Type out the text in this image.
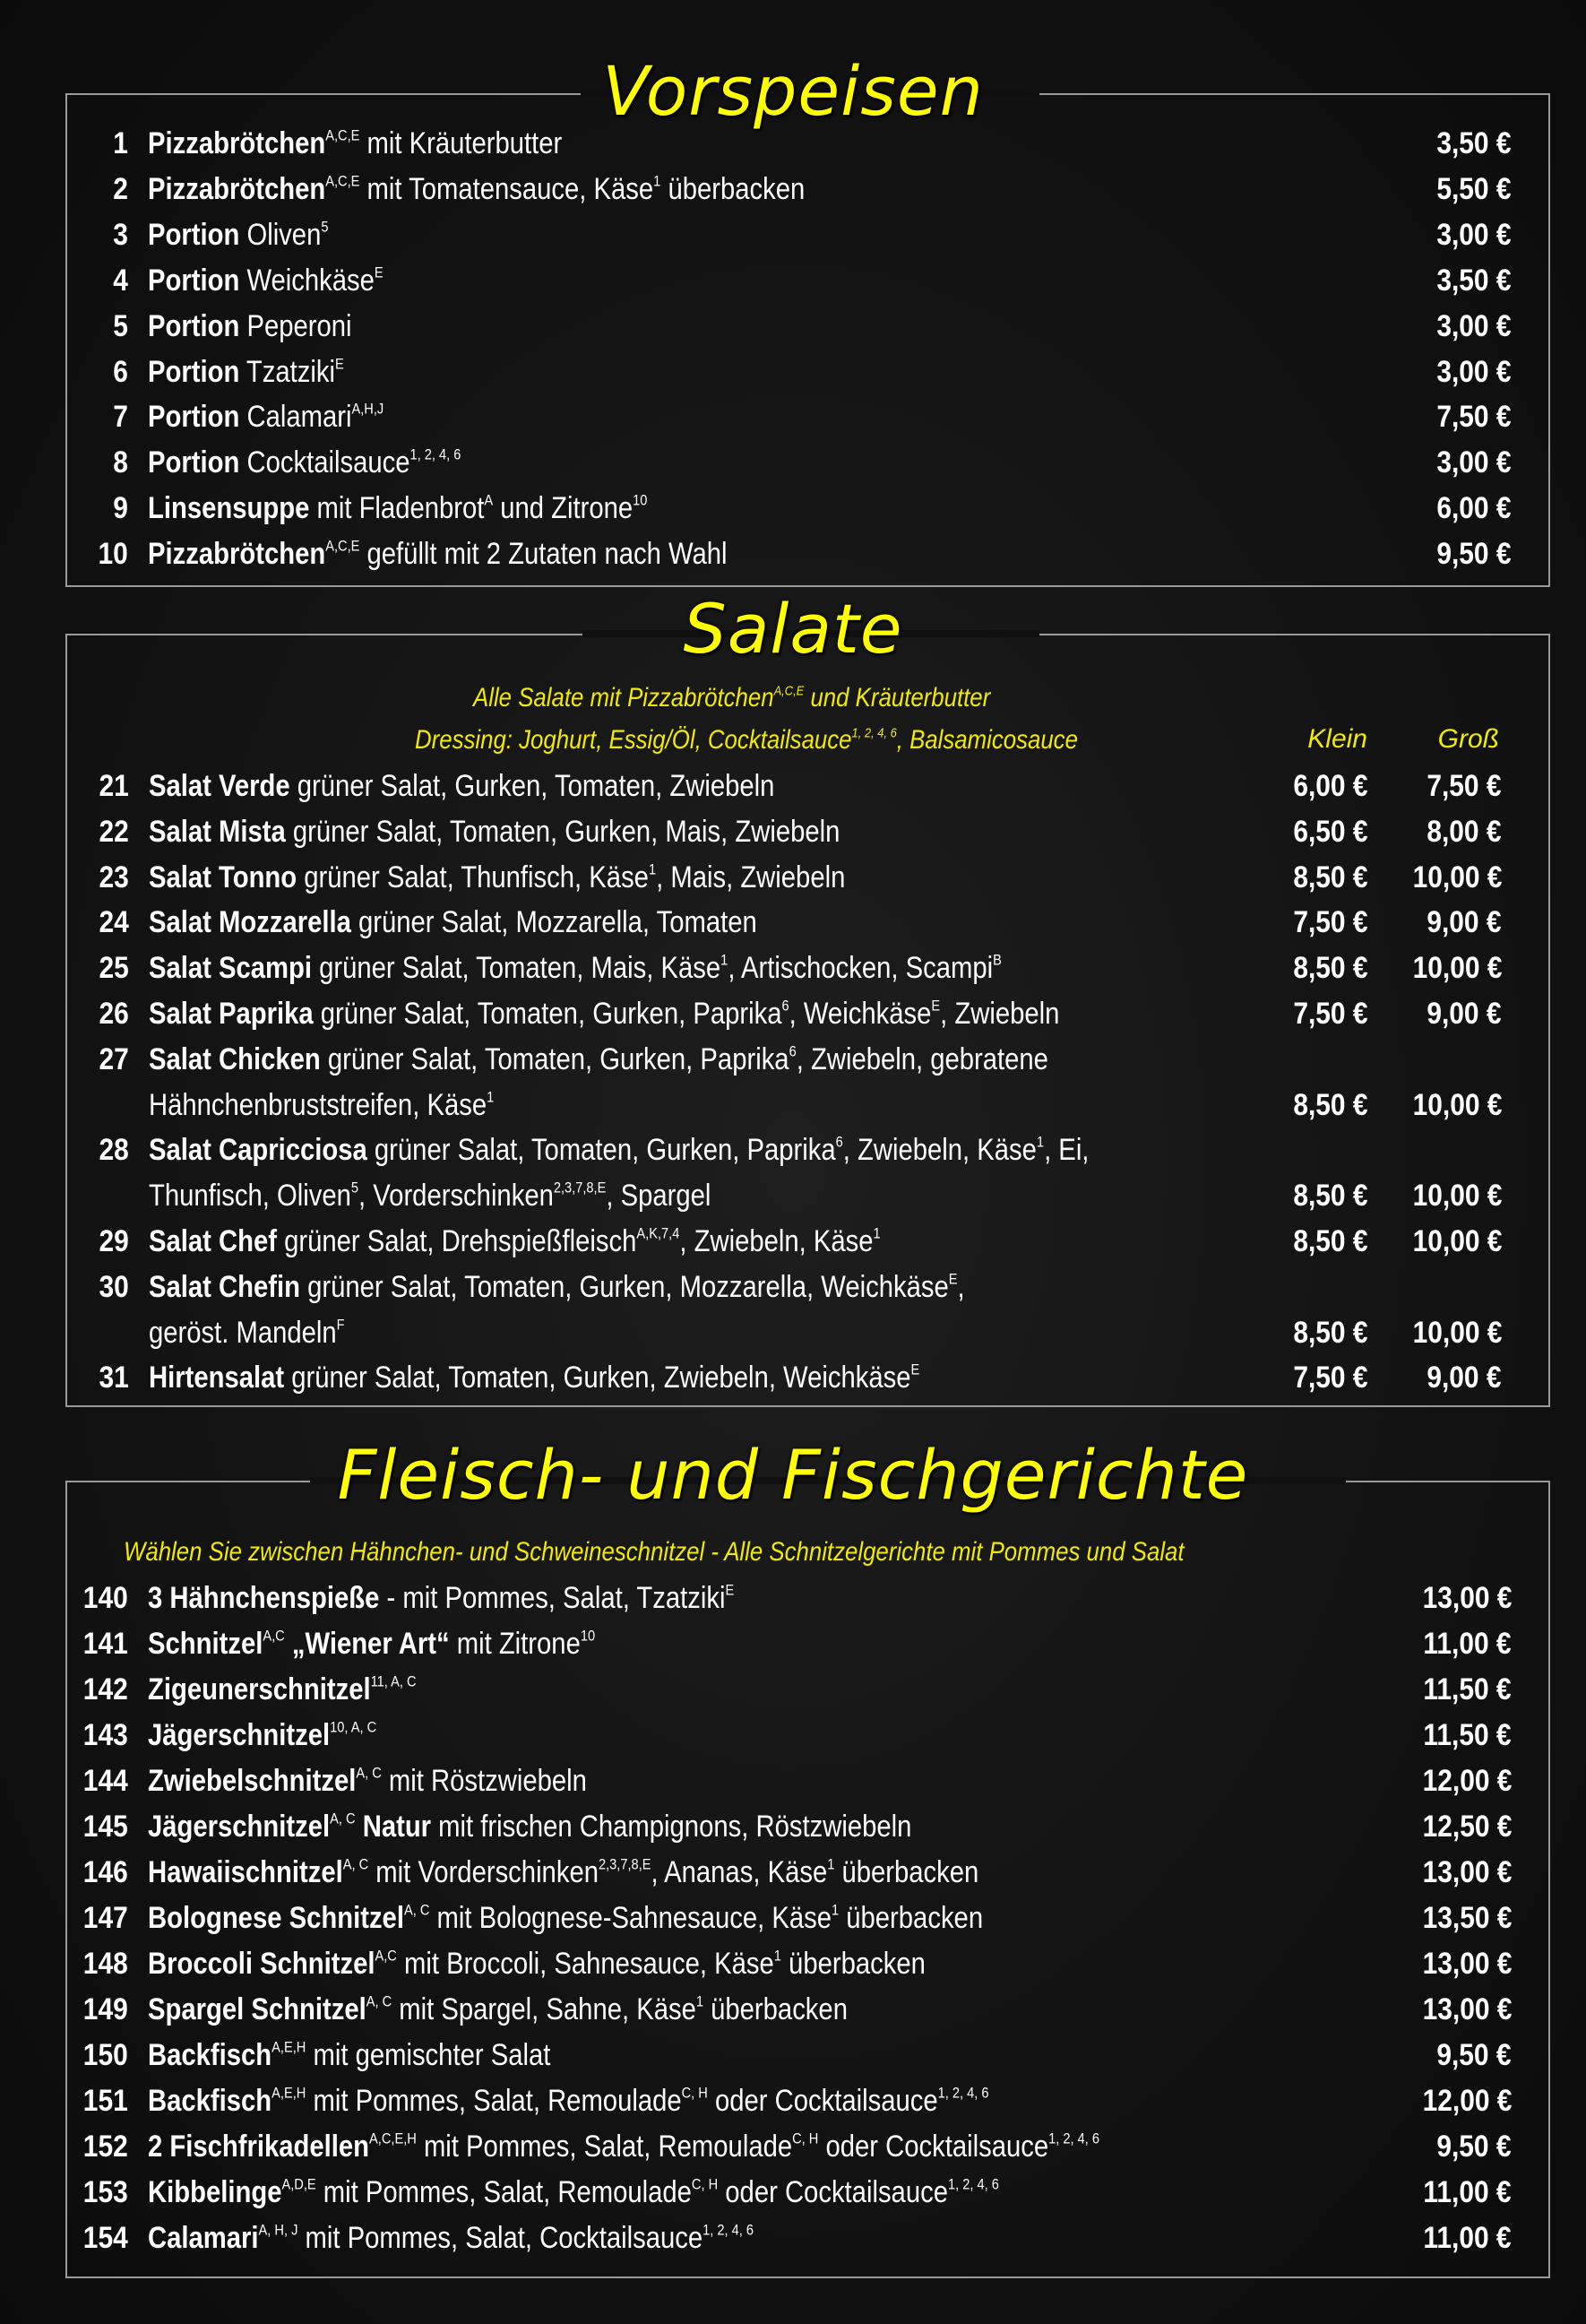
Vorspeisen
1 Pizzabrötchen$^{A,C,E}$ mit Kräuterbutter	3,50 €
2 Pizzabrötchen$^{A,C,E}$ mit Tomatensauce, Käse$^1$ überbacken	5,50 €
3 Portion Oliven$^5$	3,00 €
4 Portion Weichkäse$^E$	3,50 €
5 Portion Peperoni	3,00 €
6 Portion Tzatziki$^E$	3,00 €
7 Portion Calamari$^{A,H,J}$	7,50 €
8 Portion Cocktailsauce$^{1, 2, 4, 6}$	3,00 €
9 Linsensuppe mit Fladenbrot$^A$ und Zitrone$^{10}$	6,00 €
10 Pizzabrötchen$^{A,C,E}$ gefüllt mit 2 Zutaten nach Wahl	9,50 €
Salate
Alle Salate mit Pizzabrötchen$^{A,C,E}$ und Kräuterbutter
Dressing: Joghurt, Essig/Öl, Cocktailsauce$^{1, 2, 4, 6}$, Balsamicosauce	Klein	Groß
21 Salat Verde grüner Salat, Gurken, Tomaten, Zwiebeln	6,00 € 7,50 €
22 Salat Mista grüner Salat, Tomaten, Gurken, Mais, Zwiebeln	6,50 € 8,00 €
23 Salat Tonno grüner Salat, Thunfisch, Käse$^1$, Mais, Zwiebeln	8,50 € 10,00 €
24 Salat Mozzarella grüner Salat, Mozzarella, Tomaten	7,50 € 9,00 €
25 Salat Scampi grüner Salat, Tomaten, Mais, Käse$^1$, Artischocken, Scampi$^B$	8,50 € 10,00 €
26 Salat Paprika grüner Salat, Tomaten, Gurken, Paprika$^6$, Weichkäse$^E$, Zwiebeln	7,50 € 9,00 €
27 Salat Chicken grüner Salat, Tomaten, Gurken, Paprika$^6$, Zwiebeln, gebratene
Hähnchenbruststreifen, Käse$^1$	8,50 € 10,00 €
28 Salat Capricciosa grüner Salat, Tomaten, Gurken, Paprika$^6$, Zwiebeln, Käse$^1$, Ei,
Thunfisch, Oliven$^5$, Vorderschinken$^{2,3,7,8,E}$, Spargel	8,50 € 10,00 €
29 Salat Chef grüner Salat, Drehspießfleisch$^{A,K,7,4}$, Zwiebeln, Käse$^1$	8,50 € 10,00 €
30 Salat Chefin grüner Salat, Tomaten, Gurken, Mozzarella, Weichkäse$^E$,
geröst. Mandeln$^F$	8,50 € 10,00 €
31 Hirtensalat grüner Salat, Tomaten, Gurken, Zwiebeln, Weichkäse$^E$	7,50 € 9,00 €
Fleisch- und Fischgerichte
Wählen Sie zwischen Hähnchen- und Schweineschnitzel - Alle Schnitzelgerichte mit Pommes und Salat
140 3 Hähnchenspieße - mit Pommes, Salat, Tzatziki$^E$	13,00 €
141 Schnitzel$^{A,C}$ „Wiener Art“ mit Zitrone$^{10}$	11,00 €
142 Zigeunerschnitzel$^{11, A, C}$	11,50 €
143 Jägerschnitzel$^{10, A, C}$	11,50 €
144 Zwiebelschnitzel$^{A, C}$ mit Röstzwiebeln	12,00 €
145 Jägerschnitzel$^{A, C}$ Natur mit frischen Champignons, Röstzwiebeln	12,50 €
146 Hawaiischnitzel$^{A, C}$ mit Vorderschinken$^{2,3,7,8,E}$, Ananas, Käse$^1$ überbacken	13,00 €
147 Bolognese Schnitzel$^{A, C}$ mit Bolognese-Sahnesauce, Käse$^1$ überbacken	13,50 €
148 Broccoli Schnitzel$^{A,C}$ mit Broccoli, Sahnesauce, Käse$^1$ überbacken	13,00 €
149 Spargel Schnitzel$^{A, C}$ mit Spargel, Sahne, Käse$^1$ überbacken	13,00 €
150 Backfisch$^{A,E,H}$ mit gemischter Salat	9,50 €
151 Backfisch$^{A,E,H}$ mit Pommes, Salat, Remoulade$^{C, H}$ oder Cocktailsauce$^{1, 2, 4, 6}$	12,00 €
152 2 Fischfrikadellen$^{A,C,E,H}$ mit Pommes, Salat, Remoulade$^{C, H}$ oder Cocktailsauce$^{1, 2, 4, 6}$	9,50 €
153 Kibbelinge$^{A,D,E}$ mit Pommes, Salat, Remoulade$^{C, H}$ oder Cocktailsauce$^{1, 2, 4, 6}$	11,00 €
154 Calamari$^{A, H, J}$ mit Pommes, Salat, Cocktailsauce$^{1, 2, 4, 6}$	11,00 €
